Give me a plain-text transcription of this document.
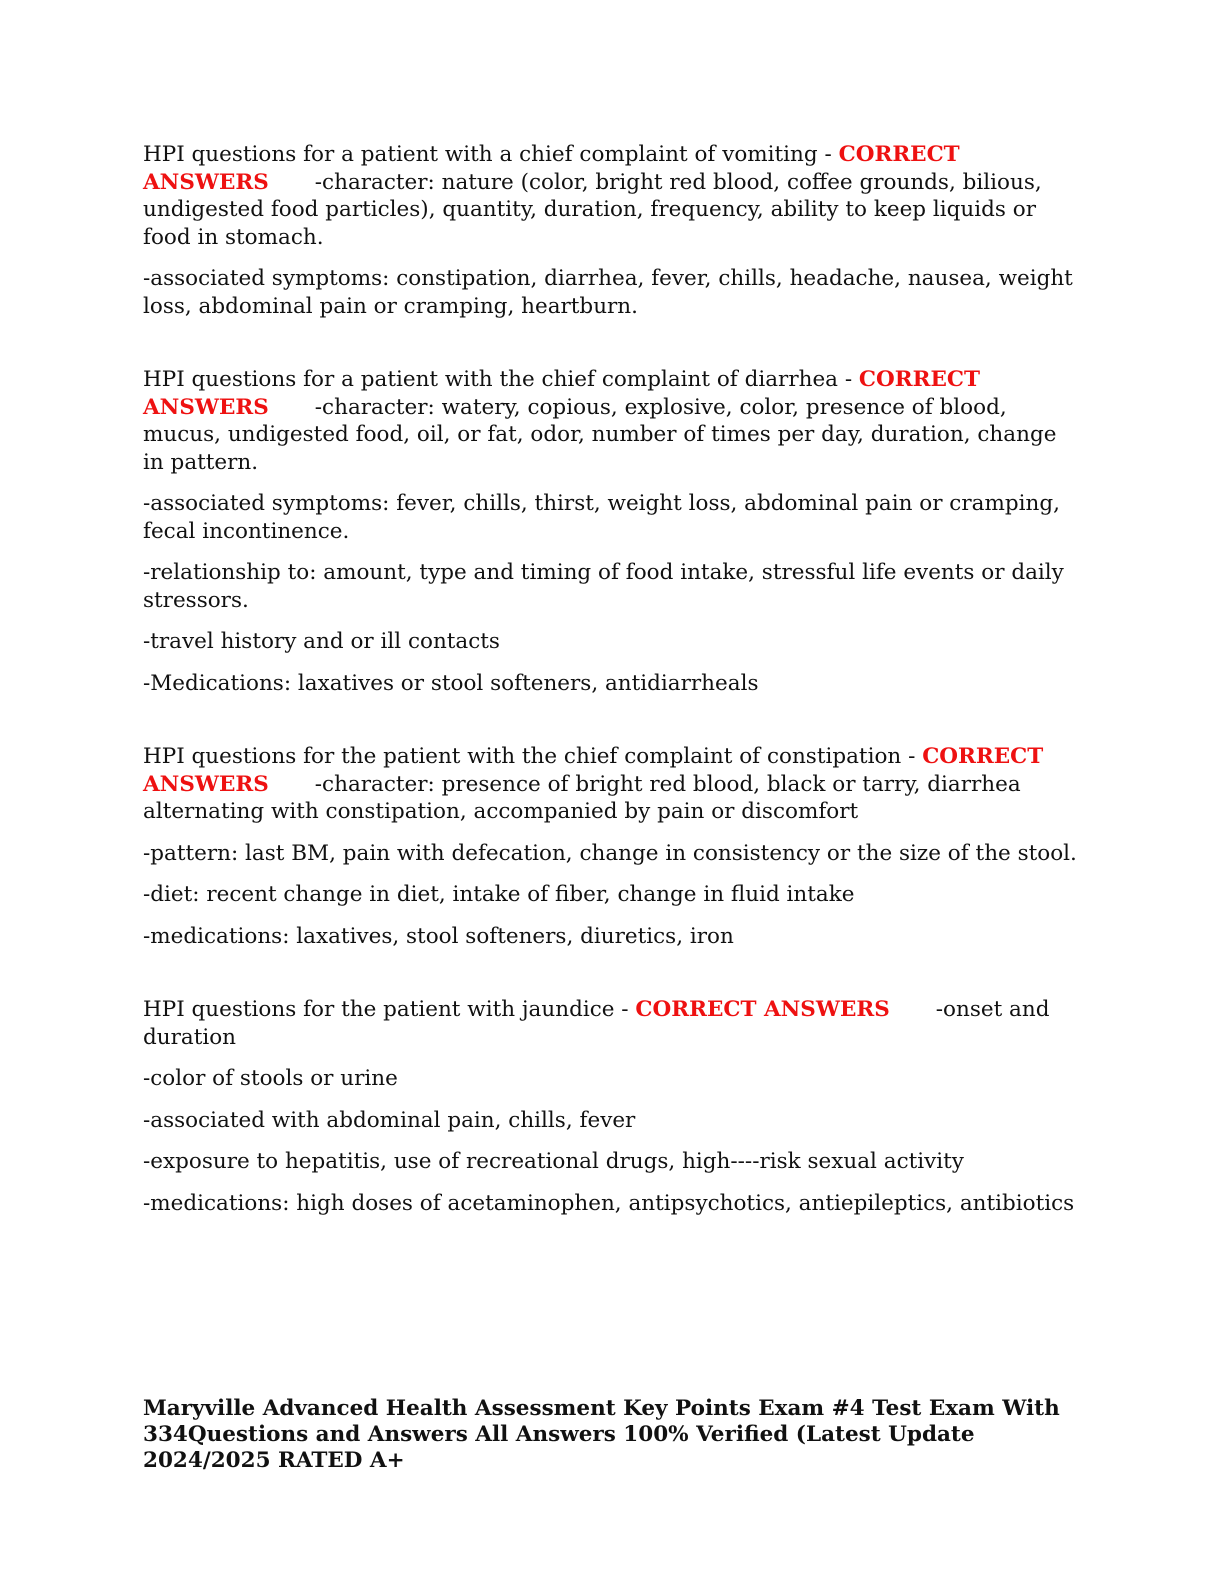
HPI questions for a patient with a chief complaint of vomiting - CORRECT ANSWERS -character: nature (color, bright red blood, coffee grounds, bilious, undigested food particles), quantity, duration, frequency, ability to keep liquids or food in stomach.

-associated symptoms: constipation, diarrhea, fever, chills, headache, nausea, weight loss, abdominal pain or cramping, heartburn.

HPI questions for a patient with the chief complaint of diarrhea - CORRECT ANSWERS -character: watery, copious, explosive, color, presence of blood, mucus, undigested food, oil, or fat, odor, number of times per day, duration, change in pattern.

-associated symptoms: fever, chills, thirst, weight loss, abdominal pain or cramping, fecal incontinence.

-relationship to: amount, type and timing of food intake, stressful life events or daily stressors.

-travel history and or ill contacts

-Medications: laxatives or stool softeners, antidiarrheals

HPI questions for the patient with the chief complaint of constipation - CORRECT ANSWERS -character: presence of bright red blood, black or tarry, diarrhea alternating with constipation, accompanied by pain or discomfort

-pattern: last BM, pain with defecation, change in consistency or the size of the stool.

-diet: recent change in diet, intake of fiber, change in fluid intake

-medications: laxatives, stool softeners, diuretics, iron

HPI questions for the patient with jaundice - CORRECT ANSWERS -onset and duration

-color of stools or urine

-associated with abdominal pain, chills, fever

-exposure to hepatitis, use of recreational drugs, high----risk sexual activity

-medications: high doses of acetaminophen, antipsychotics, antiepileptics, antibiotics

Maryville Advanced Health Assessment Key Points Exam #4 Test Exam With 334Questions and Answers All Answers 100% Verified (Latest Update 2024/2025 RATED A+
